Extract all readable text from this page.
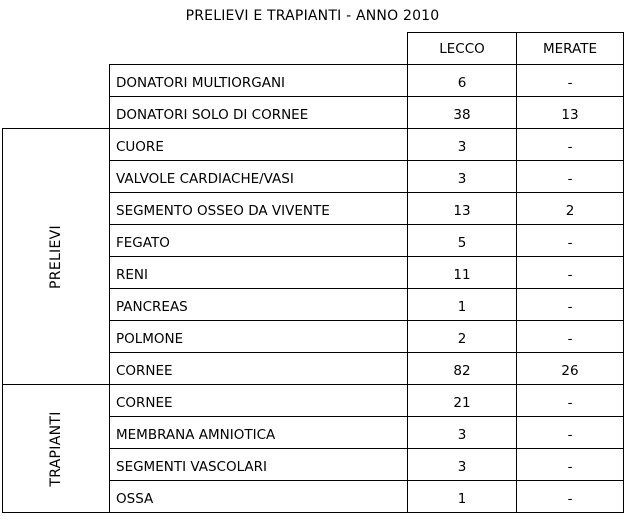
PRELIEVI E TRAPIANTI - ANNO 2010
		LECCO	MERATE
	DONATORI MULTIORGANI	6	-
	DONATORI SOLO DI CORNEE	38	13

PRELIEVI	CUORE	3	-
	VALVOLE CARDIACHE/VASI	3	-
	SEGMENTO OSSEO DA VIVENTE	13	2
	FEGATO	5	-
	RENI	11	-
	PANCREAS	1	-
	POLMONE	2	-
	CORNEE	82	26

TRAPIANTI	CORNEE	21	-
	MEMBRANA AMNIOTICA	3	-
	SEGMENTI VASCOLARI	3	-
	OSSA	1	-
